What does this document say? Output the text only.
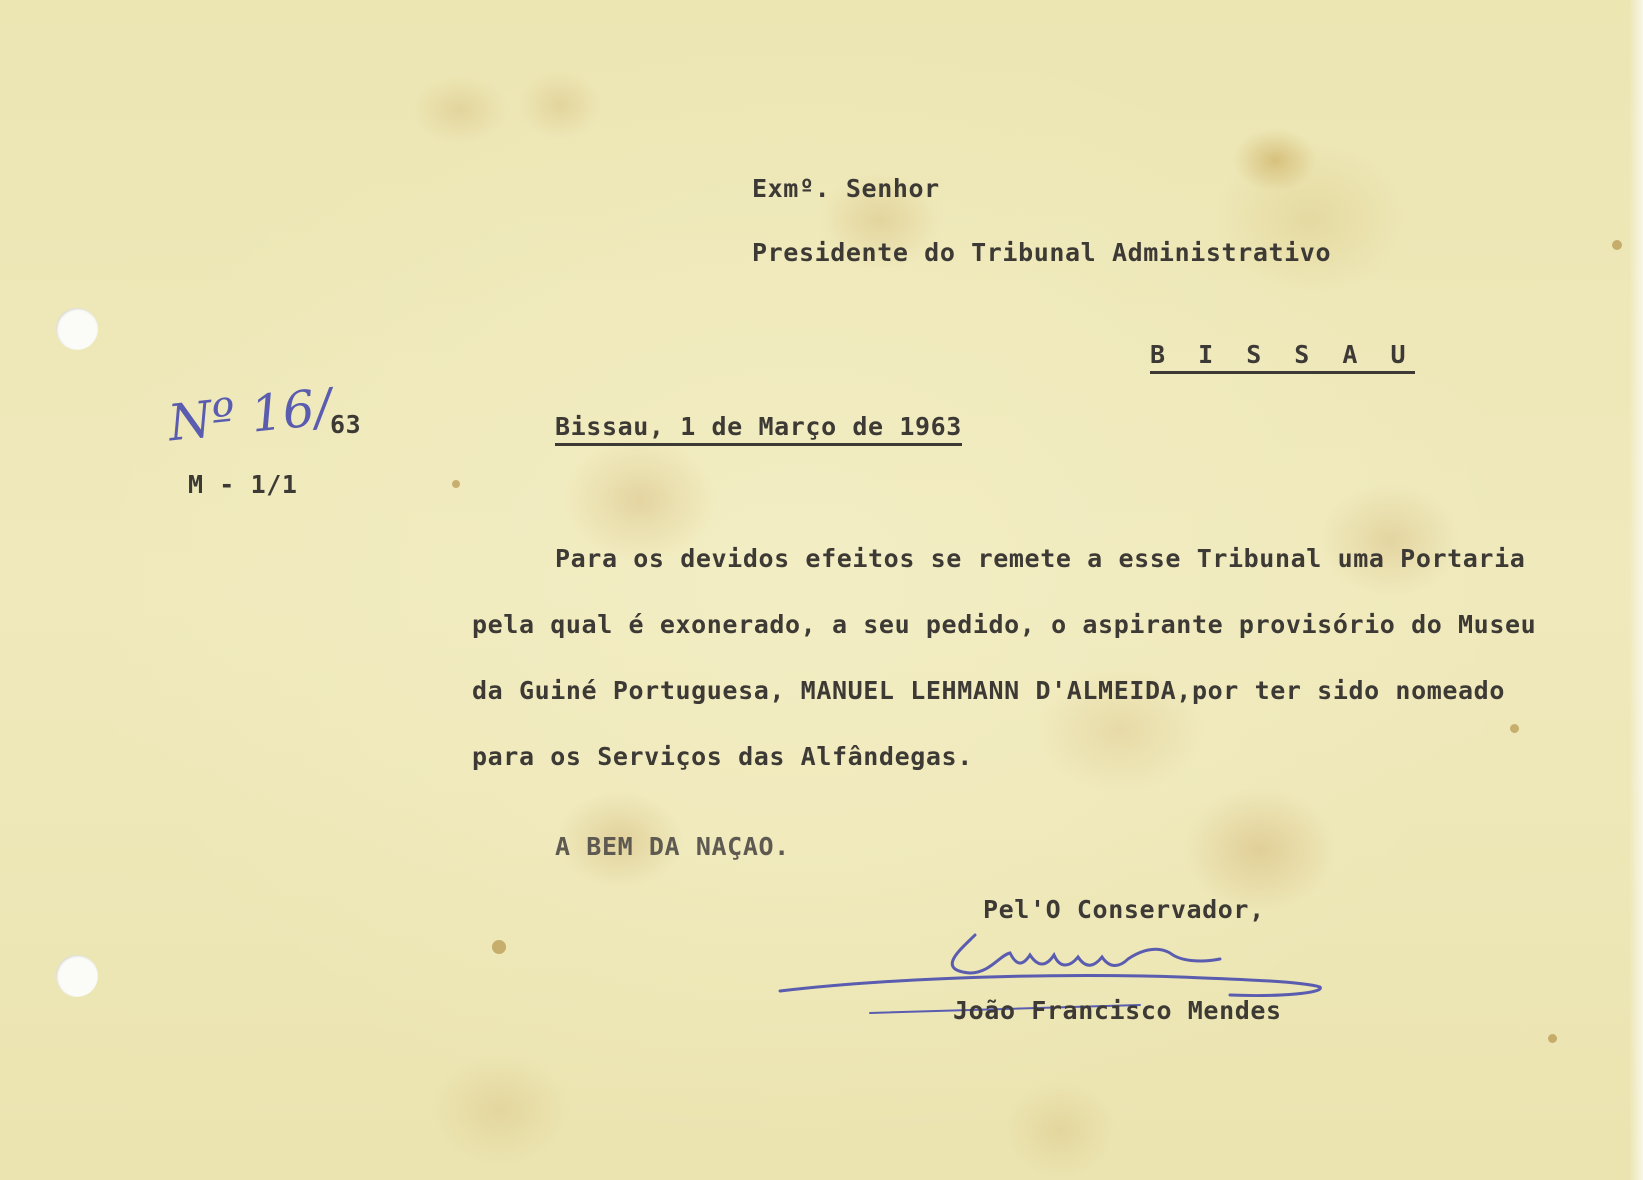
Exmº. Senhor

Presidente do Tribunal Administrativo

B I S S A U

Nº 16/

63

M - 1/1

Bissau, 1 de Março de 1963

Para os devidos efeitos se remete a esse Tribunal uma Portaria

pela qual é exonerado, a seu pedido, o aspirante provisório do Museu

da Guiné Portuguesa, MANUEL LEHMANN D'ALMEIDA,por ter sido nomeado

para os Serviços das Alfândegas.

A BEM DA NAÇAO.

Pel'O Conservador,

João Francisco Mendes
